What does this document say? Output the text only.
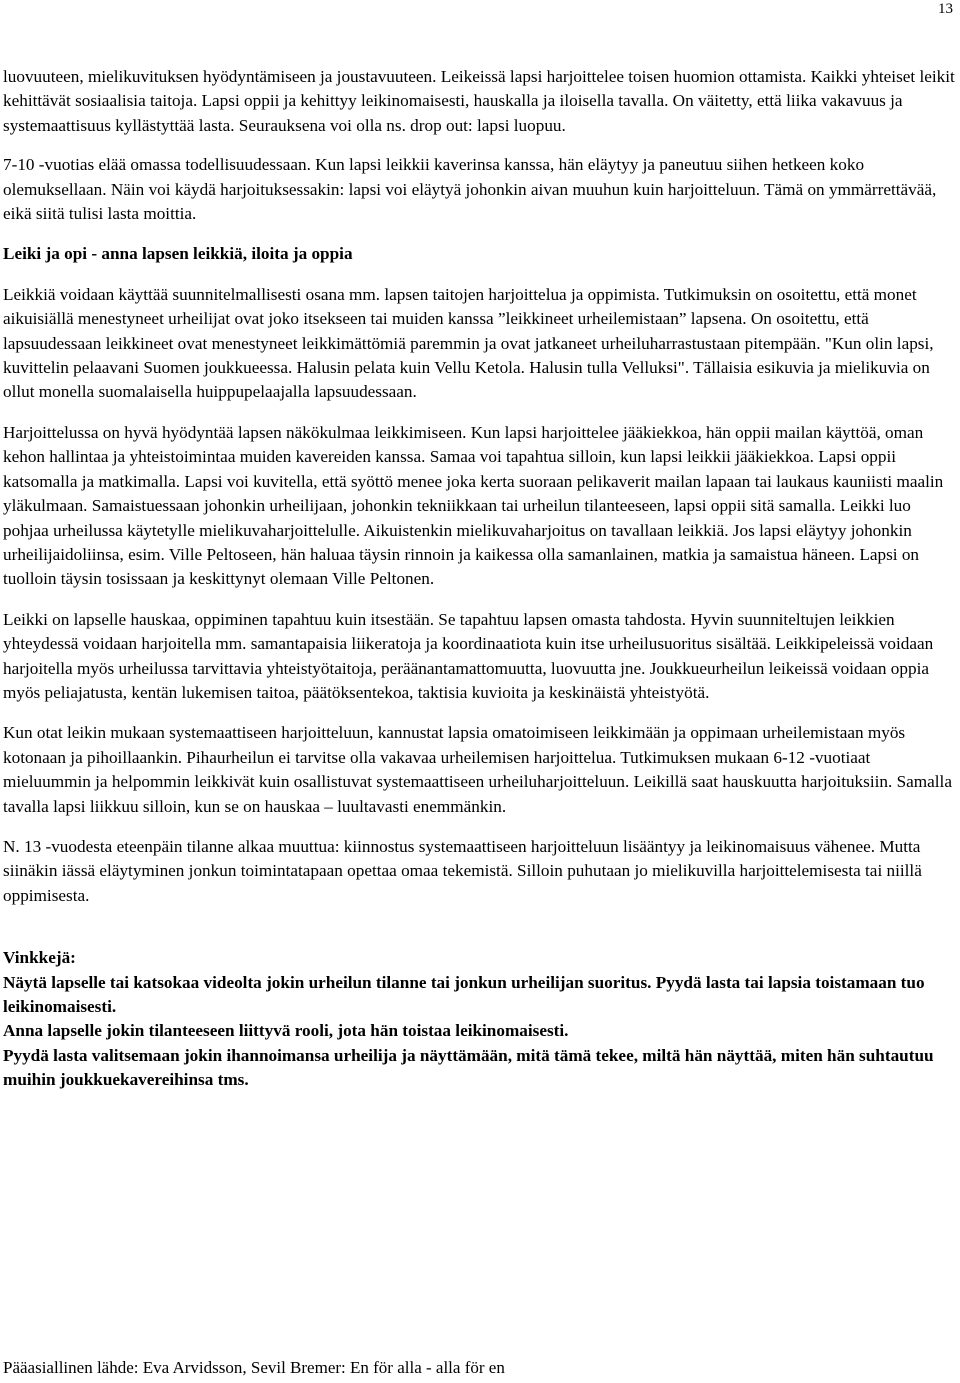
13

luovuuteen, mielikuvituksen hyödyntämiseen ja joustavuuteen. Leikeissä lapsi harjoittelee toisen huomion ottamista. Kaikki yhteiset leikit kehittävät sosiaalisia taitoja. Lapsi oppii ja kehittyy leikinomaisesti, hauskalla ja iloisella tavalla. On väitetty, että liika vakavuus ja systemaattisuus kyllästyttää lasta. Seurauksena voi olla ns. drop out: lapsi luopuu.

7-10 -vuotias elää omassa todellisuudessaan. Kun lapsi leikkii kaverinsa kanssa, hän eläytyy ja paneutuu siihen hetkeen koko olemuksellaan. Näin voi käydä harjoituksessakin: lapsi voi eläytyä johonkin aivan muuhun kuin harjoitteluun. Tämä on ymmärrettävää, eikä siitä tulisi lasta moittia.

Leiki ja opi - anna lapsen leikkiä, iloita ja oppia

Leikkiä voidaan käyttää suunnitelmallisesti osana mm. lapsen taitojen harjoittelua ja oppimista. Tutkimuksin on osoitettu, että monet aikuisiällä menestyneet urheilijat ovat joko itsekseen tai muiden kanssa ”leikkineet urheilemistaan” lapsena. On osoitettu, että lapsuudessaan leikkineet ovat menestyneet leikkimättömiä paremmin ja ovat jatkaneet urheiluharrastustaan pitempään. "Kun olin lapsi, kuvittelin pelaavani Suomen joukkueessa. Halusin pelata kuin Vellu Ketola. Halusin tulla Velluksi". Tällaisia esikuvia ja mielikuvia on ollut monella suomalaisella huippupelaajalla lapsuudessaan.

Harjoittelussa on hyvä hyödyntää lapsen näkökulmaa leikkimiseen. Kun lapsi harjoittelee jääkiekkoa, hän oppii mailan käyttöä, oman kehon hallintaa ja yhteistoimintaa muiden kavereiden kanssa. Samaa voi tapahtua silloin, kun lapsi leikkii jääkiekkoa. Lapsi oppii katsomalla ja matkimalla. Lapsi voi kuvitella, että syöttö menee joka kerta suoraan pelikaverit mailan lapaan tai laukaus kauniisti maalin yläkulmaan. Samaistuessaan johonkin urheilijaan, johonkin tekniikkaan tai urheilun tilanteeseen, lapsi oppii sitä samalla. Leikki luo pohjaa urheilussa käytetylle mielikuvaharjoittelulle. Aikuistenkin mielikuvaharjoitus on tavallaan leikkiä. Jos lapsi eläytyy johonkin urheilijaidoliinsa, esim. Ville Peltoseen, hän haluaa täysin rinnoin ja kaikessa olla samanlainen, matkia ja samaistua häneen. Lapsi on tuolloin täysin tosissaan ja keskittynyt olemaan Ville Peltonen.

Leikki on lapselle hauskaa, oppiminen tapahtuu kuin itsestään. Se tapahtuu lapsen omasta tahdosta. Hyvin suunniteltujen leikkien yhteydessä voidaan harjoitella mm. samantapaisia liikeratoja ja koordinaatiota kuin itse urheilusuoritus sisältää. Leikkipeleissä voidaan harjoitella myös urheilussa tarvittavia yhteistyötaitoja, peräänantamattomuutta, luovuutta jne. Joukkueurheilun leikeissä voidaan oppia myös peliajatusta, kentän lukemisen taitoa, päätöksentekoa, taktisia kuvioita ja keskinäistä yhteistyötä.

Kun otat leikin mukaan systemaattiseen harjoitteluun, kannustat lapsia omatoimiseen leikkimään ja oppimaan urheilemistaan myös kotonaan ja pihoillaankin. Pihaurheilun ei tarvitse olla vakavaa urheilemisen harjoittelua. Tutkimuksen mukaan 6-12 -vuotiaat mieluummin ja helpommin leikkivät kuin osallistuvat systemaattiseen urheiluharjoitteluun. Leikillä saat hauskuutta harjoituksiin. Samalla tavalla lapsi liikkuu silloin, kun se on hauskaa – luultavasti enemmänkin.

N. 13 -vuodesta eteenpäin tilanne alkaa muuttua: kiinnostus systemaattiseen harjoitteluun lisääntyy ja leikinomaisuus vähenee. Mutta siinäkin iässä eläytyminen jonkun toimintatapaan opettaa omaa tekemistä. Silloin puhutaan jo mielikuvilla harjoittelemisesta tai niillä oppimisesta.

Vinkkejä:

Näytä lapselle tai katsokaa videolta jokin urheilun tilanne tai jonkun urheilijan suoritus. Pyydä lasta tai lapsia toistamaan tuo leikinomaisesti.

Anna lapselle jokin tilanteeseen liittyvä rooli, jota hän toistaa leikinomaisesti.

Pyydä lasta valitsemaan jokin ihannoimansa urheilija ja näyttämään, mitä tämä tekee, miltä hän näyttää, miten hän suhtautuu muihin joukkuekavereihinsa tms.

Pääasiallinen lähde: Eva Arvidsson, Sevil Bremer: En för alla - alla för en
